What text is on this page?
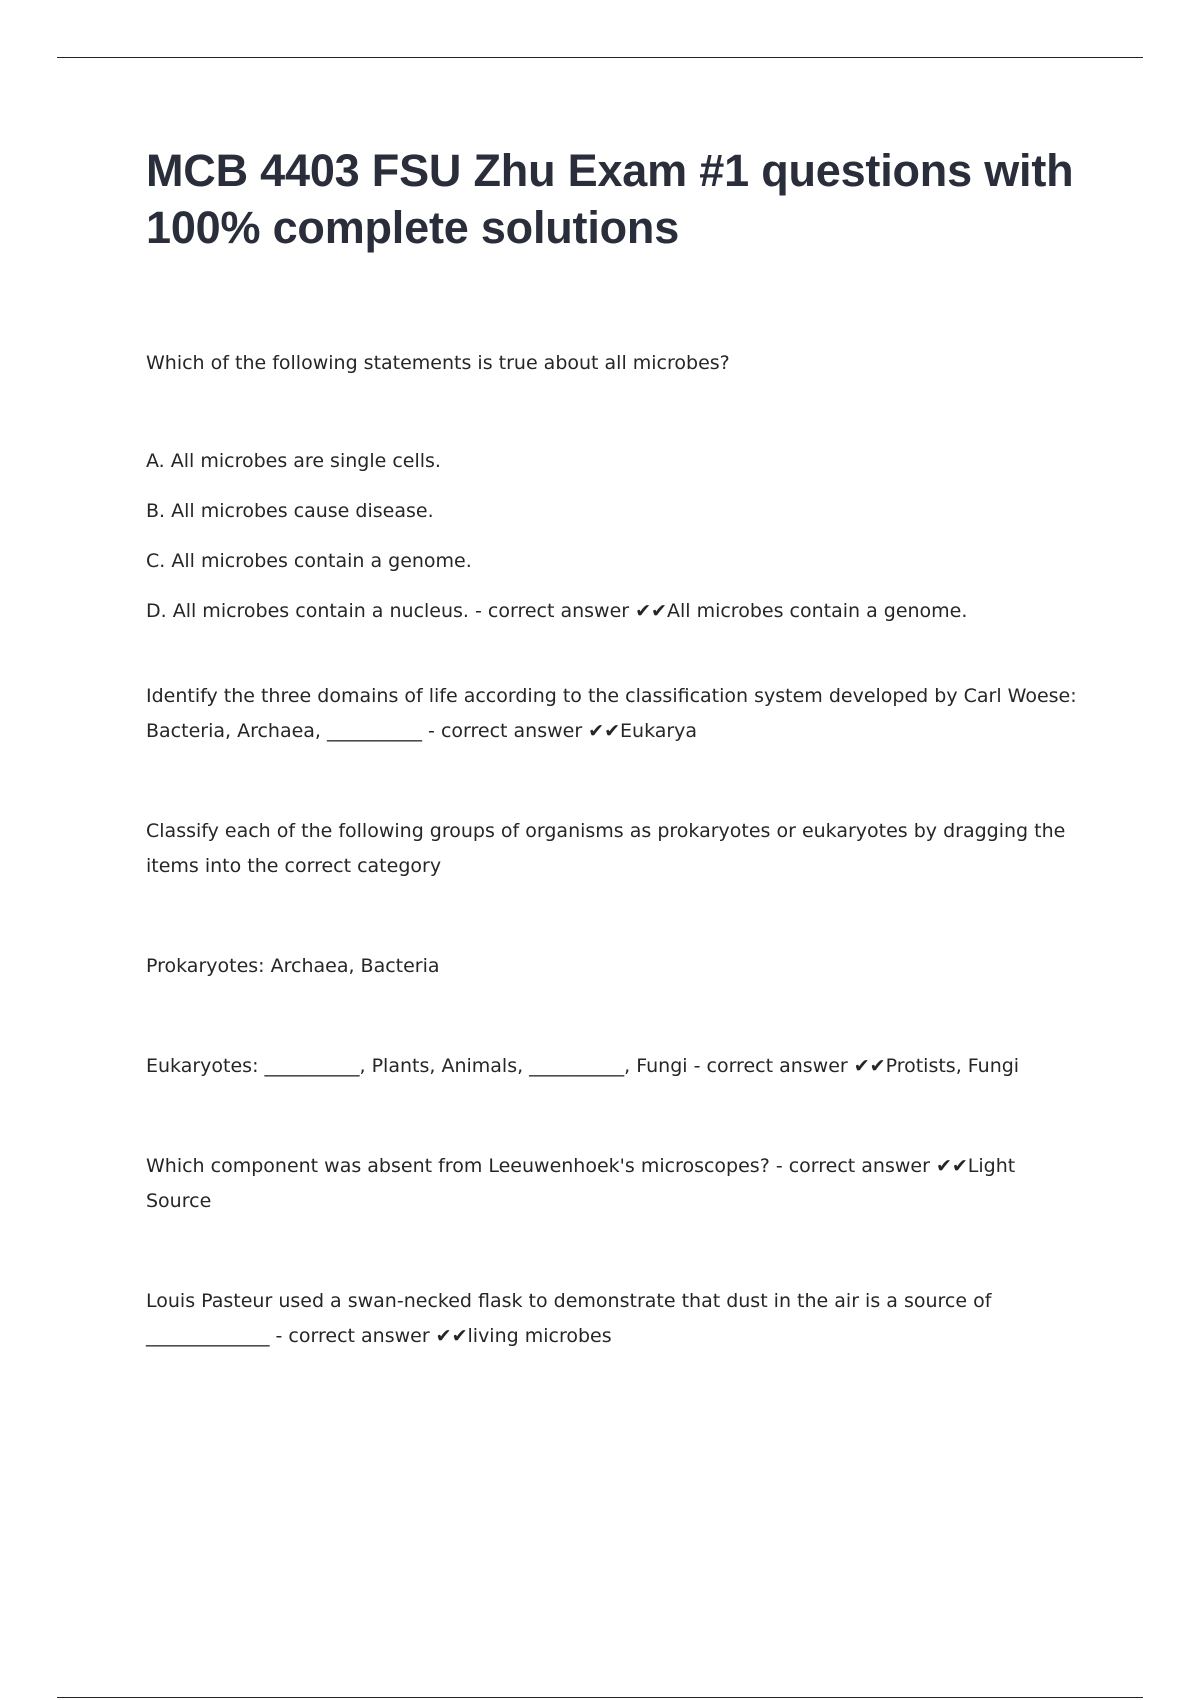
MCB 4403 FSU Zhu Exam #1 questions with 100% complete solutions

Which of the following statements is true about all microbes?

A. All microbes are single cells.

B. All microbes cause disease.

C. All microbes contain a genome.

D. All microbes contain a nucleus. - correct answer ✔✔All microbes contain a genome.

Identify the three domains of life according to the classification system developed by Carl Woese: Bacteria, Archaea, __________ - correct answer ✔✔Eukarya

Classify each of the following groups of organisms as prokaryotes or eukaryotes by dragging the items into the correct category

Prokaryotes: Archaea, Bacteria

Eukaryotes: __________, Plants, Animals, __________, Fungi - correct answer ✔✔Protists, Fungi

Which component was absent from Leeuwenhoek's microscopes? - correct answer ✔✔Light Source

Louis Pasteur used a swan-necked flask to demonstrate that dust in the air is a source of _____________ - correct answer ✔✔living microbes
